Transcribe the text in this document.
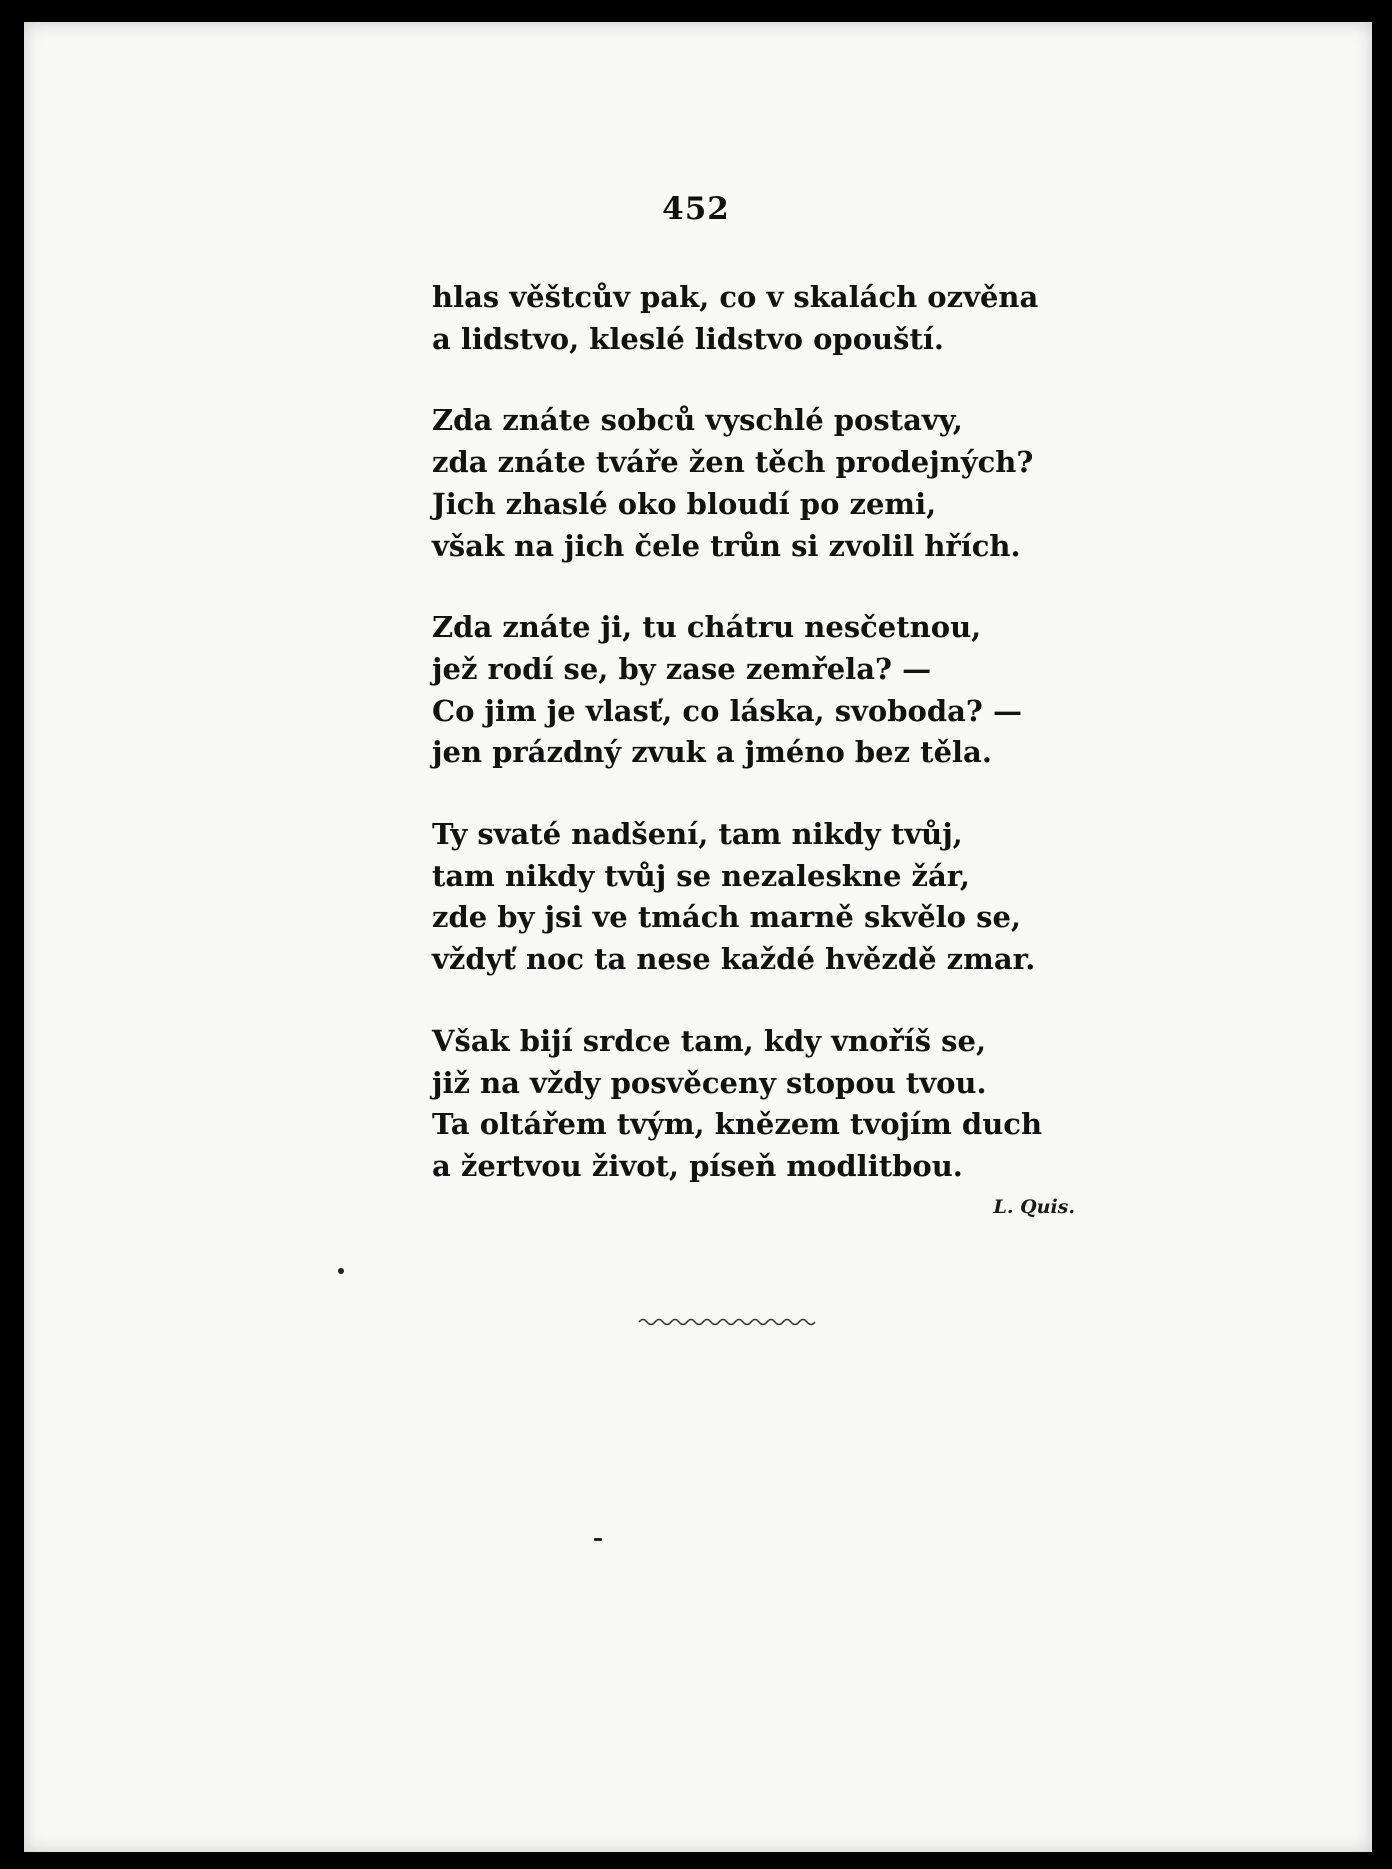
452
hlas věštcův pak, co v skalách ozvěna
a lidstvo, kleslé lidstvo opouští.
Zda znáte sobců vyschlé postavy,
zda znáte tváře žen těch prodejných?
Jich zhaslé oko bloudí po zemi,
však na jich čele trůn si zvolil hřích.
Zda znáte ji, tu chátru nesčetnou,
jež rodí se, by zase zemřela? —
Co jim je vlasť, co láska, svoboda? —
jen prázdný zvuk a jméno bez těla.
Ty svaté nadšení, tam nikdy tvůj,
tam nikdy tvůj se nezaleskne žár,
zde by jsi ve tmách marně skvělo se,
vždyť noc ta nese každé hvězdě zmar.
Však bijí srdce tam, kdy vnoříš se,
již na vždy posvěceny stopou tvou.
Ta oltářem tvým, knězem tvojím duch
a žertvou život, píseň modlitbou.
L. Quis.
